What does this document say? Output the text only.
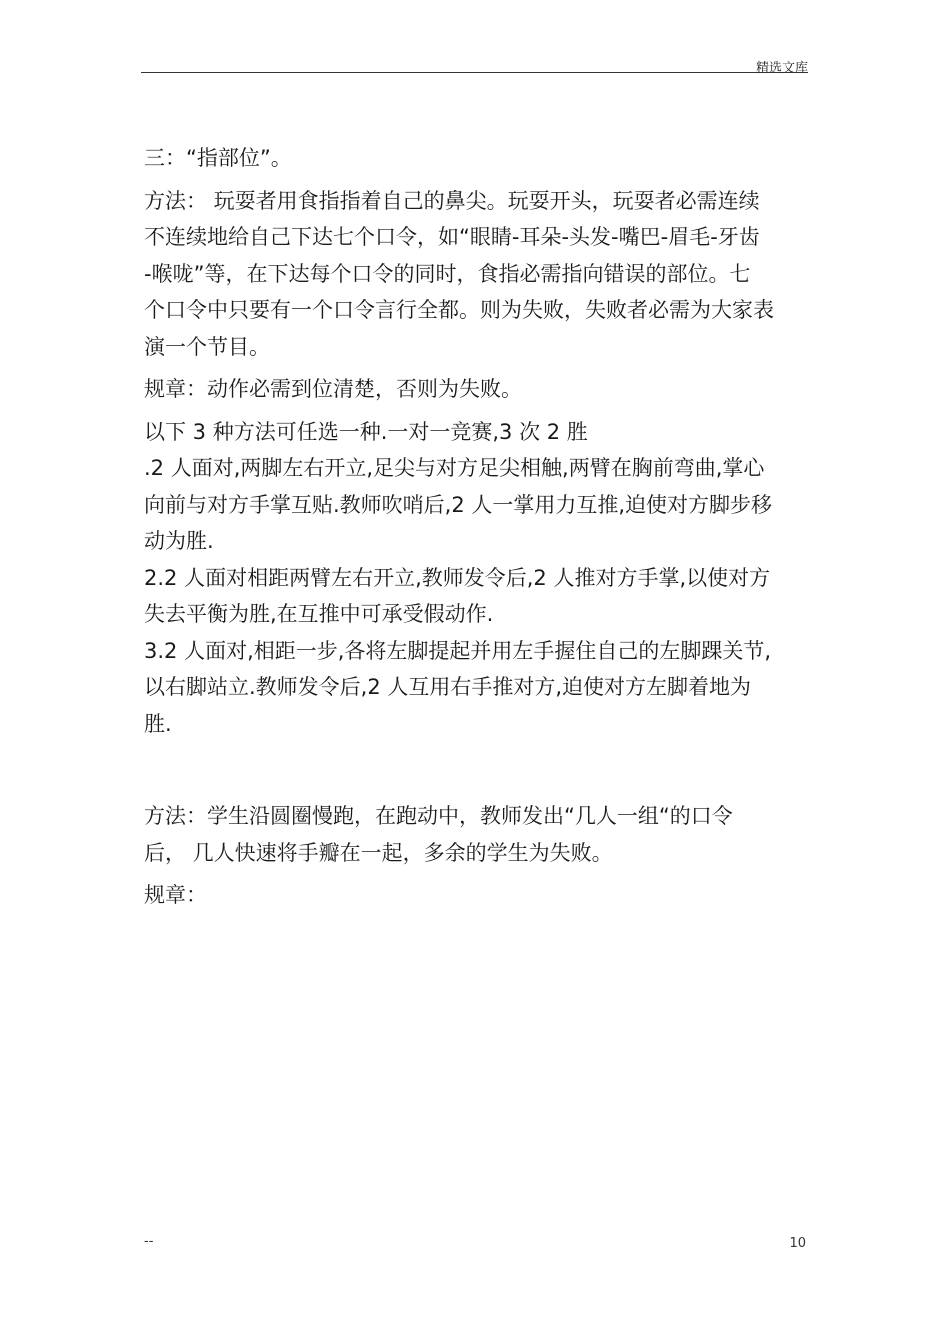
精选文库

三：“指部位”。

方法： 玩耍者用食指指着自己的鼻尖。玩耍开头，玩耍者必需连续

不连续地给自己下达七个口令，如“眼睛-耳朵-头发-嘴巴-眉毛-牙齿

-喉咙”等，在下达每个口令的同时，食指必需指向错误的部位。七

个口令中只要有一个口令言行全都。则为失败，失败者必需为大家表

演一个节目。

规章：动作必需到位清楚，否则为失败。

以下 3 种方法可任选一种.一对一竞赛,3 次 2 胜

.2 人面对,两脚左右开立,足尖与对方足尖相触,两臂在胸前弯曲,掌心

向前与对方手掌互贴.教师吹哨后,2 人一掌用力互推,迫使对方脚步移

动为胜.

2.2 人面对相距两臂左右开立,教师发令后,2 人推对方手掌,以使对方

失去平衡为胜,在互推中可承受假动作.

3.2 人面对,相距一步,各将左脚提起并用左手握住自己的左脚踝关节,

以右脚站立.教师发令后,2 人互用右手推对方,迫使对方左脚着地为

胜.

方法：学生沿圆圈慢跑，在跑动中，教师发出“几人一组“的口令

后， 几人快速将手瓣在一起，多余的学生为失败。

规章：

--	10
